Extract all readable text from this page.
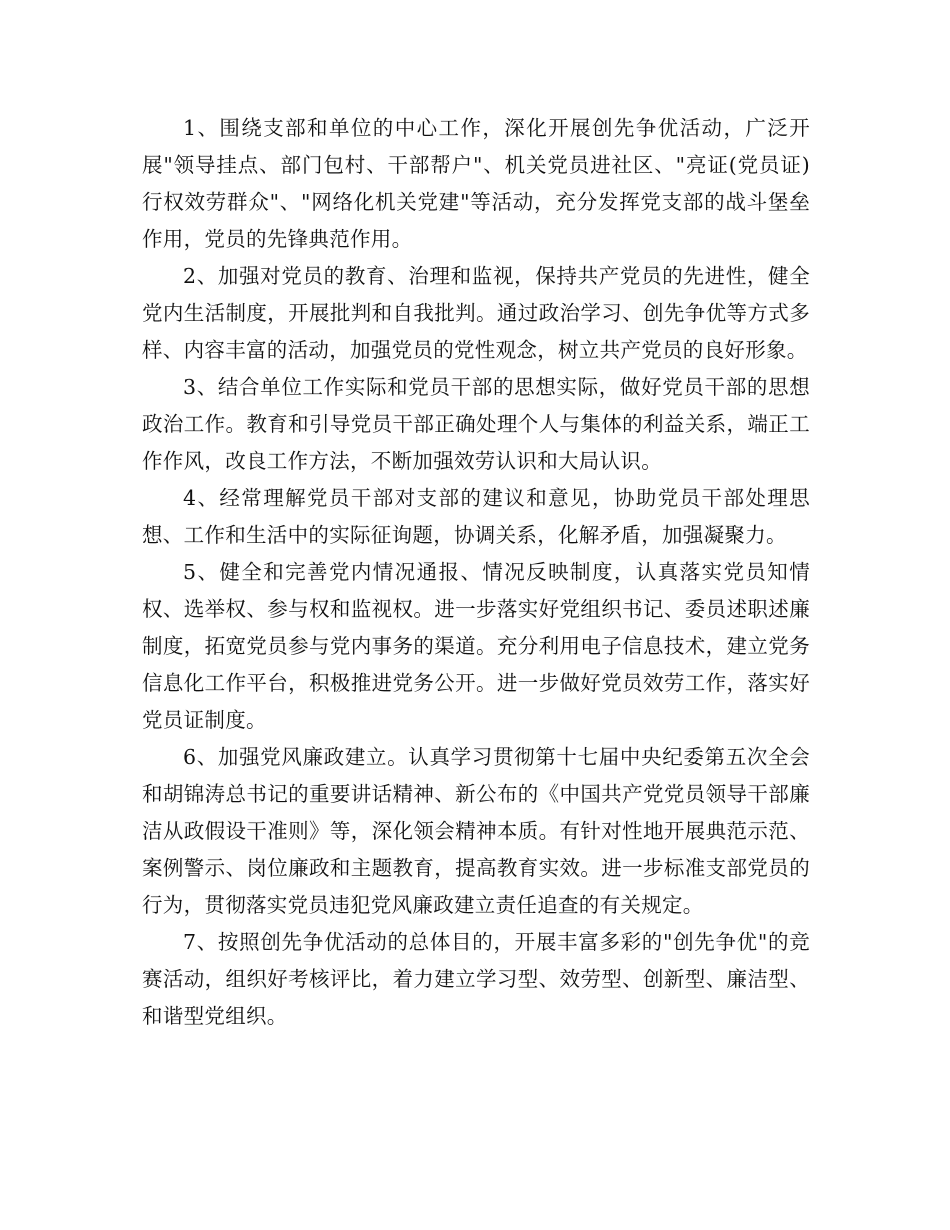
1、围绕支部和单位的中心工作，深化开展创先争优活动，广泛开展"领导挂点、部门包村、干部帮户"、机关党员进社区、"亮证(党员证)行权效劳群众"、"网络化机关党建"等活动，充分发挥党支部的战斗堡垒作用，党员的先锋典范作用。

2、加强对党员的教育、治理和监视，保持共产党员的先进性，健全党内生活制度，开展批判和自我批判。通过政治学习、创先争优等方式多样、内容丰富的活动，加强党员的党性观念，树立共产党员的良好形象。

3、结合单位工作实际和党员干部的思想实际，做好党员干部的思想政治工作。教育和引导党员干部正确处理个人与集体的利益关系，端正工作作风，改良工作方法，不断加强效劳认识和大局认识。

4、经常理解党员干部对支部的建议和意见，协助党员干部处理思想、工作和生活中的实际征询题，协调关系，化解矛盾，加强凝聚力。

5、健全和完善党内情况通报、情况反映制度，认真落实党员知情权、选举权、参与权和监视权。进一步落实好党组织书记、委员述职述廉制度，拓宽党员参与党内事务的渠道。充分利用电子信息技术，建立党务信息化工作平台，积极推进党务公开。进一步做好党员效劳工作，落实好党员证制度。

6、加强党风廉政建立。认真学习贯彻第十七届中央纪委第五次全会和胡锦涛总书记的重要讲话精神、新公布的《中国共产党党员领导干部廉洁从政假设干准则》等，深化领会精神本质。有针对性地开展典范示范、案例警示、岗位廉政和主题教育，提高教育实效。进一步标准支部党员的行为，贯彻落实党员违犯党风廉政建立责任追查的有关规定。

7、按照创先争优活动的总体目的，开展丰富多彩的"创先争优"的竞赛活动，组织好考核评比，着力建立学习型、效劳型、创新型、廉洁型、和谐型党组织。
